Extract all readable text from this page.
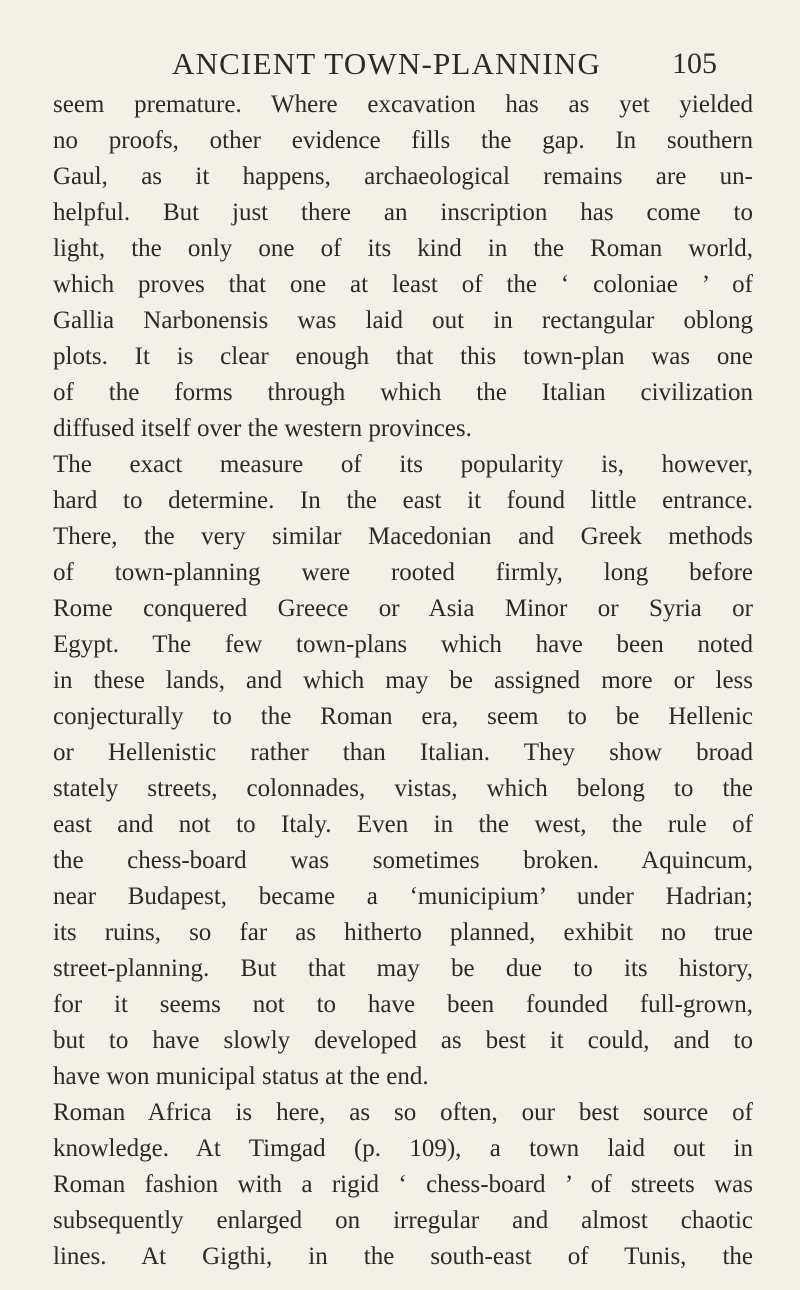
ANCIENT TOWN-PLANNING 105
seem premature. Where excavation has as yet yielded
no proofs, other evidence fills the gap. In southern
Gaul, as it happens, archaeological remains are un-
helpful. But just there an inscription has come to
light, the only one of its kind in the Roman world,
which proves that one at least of the ‘ coloniae ’ of
Gallia Narbonensis was laid out in rectangular oblong
plots. It is clear enough that this town-plan was one
of the forms through which the Italian civilization
diffused itself over the western provinces.
The exact measure of its popularity is, however,
hard to determine. In the east it found little entrance.
There, the very similar Macedonian and Greek methods
of town-planning were rooted firmly, long before
Rome conquered Greece or Asia Minor or Syria or
Egypt. The few town-plans which have been noted
in these lands, and which may be assigned more or less
conjecturally to the Roman era, seem to be Hellenic
or Hellenistic rather than Italian. They show broad
stately streets, colonnades, vistas, which belong to the
east and not to Italy. Even in the west, the rule of
the chess-board was sometimes broken. Aquincum,
near Budapest, became a ‘municipium’ under Hadrian;
its ruins, so far as hitherto planned, exhibit no true
street-planning. But that may be due to its history,
for it seems not to have been founded full-grown,
but to have slowly developed as best it could, and to
have won municipal status at the end.
Roman Africa is here, as so often, our best source of
knowledge. At Timgad (p. 109), a town laid out in
Roman fashion with a rigid ‘ chess-board ’ of streets was
subsequently enlarged on irregular and almost chaotic
lines. At Gigthi, in the south-east of Tunis, the
